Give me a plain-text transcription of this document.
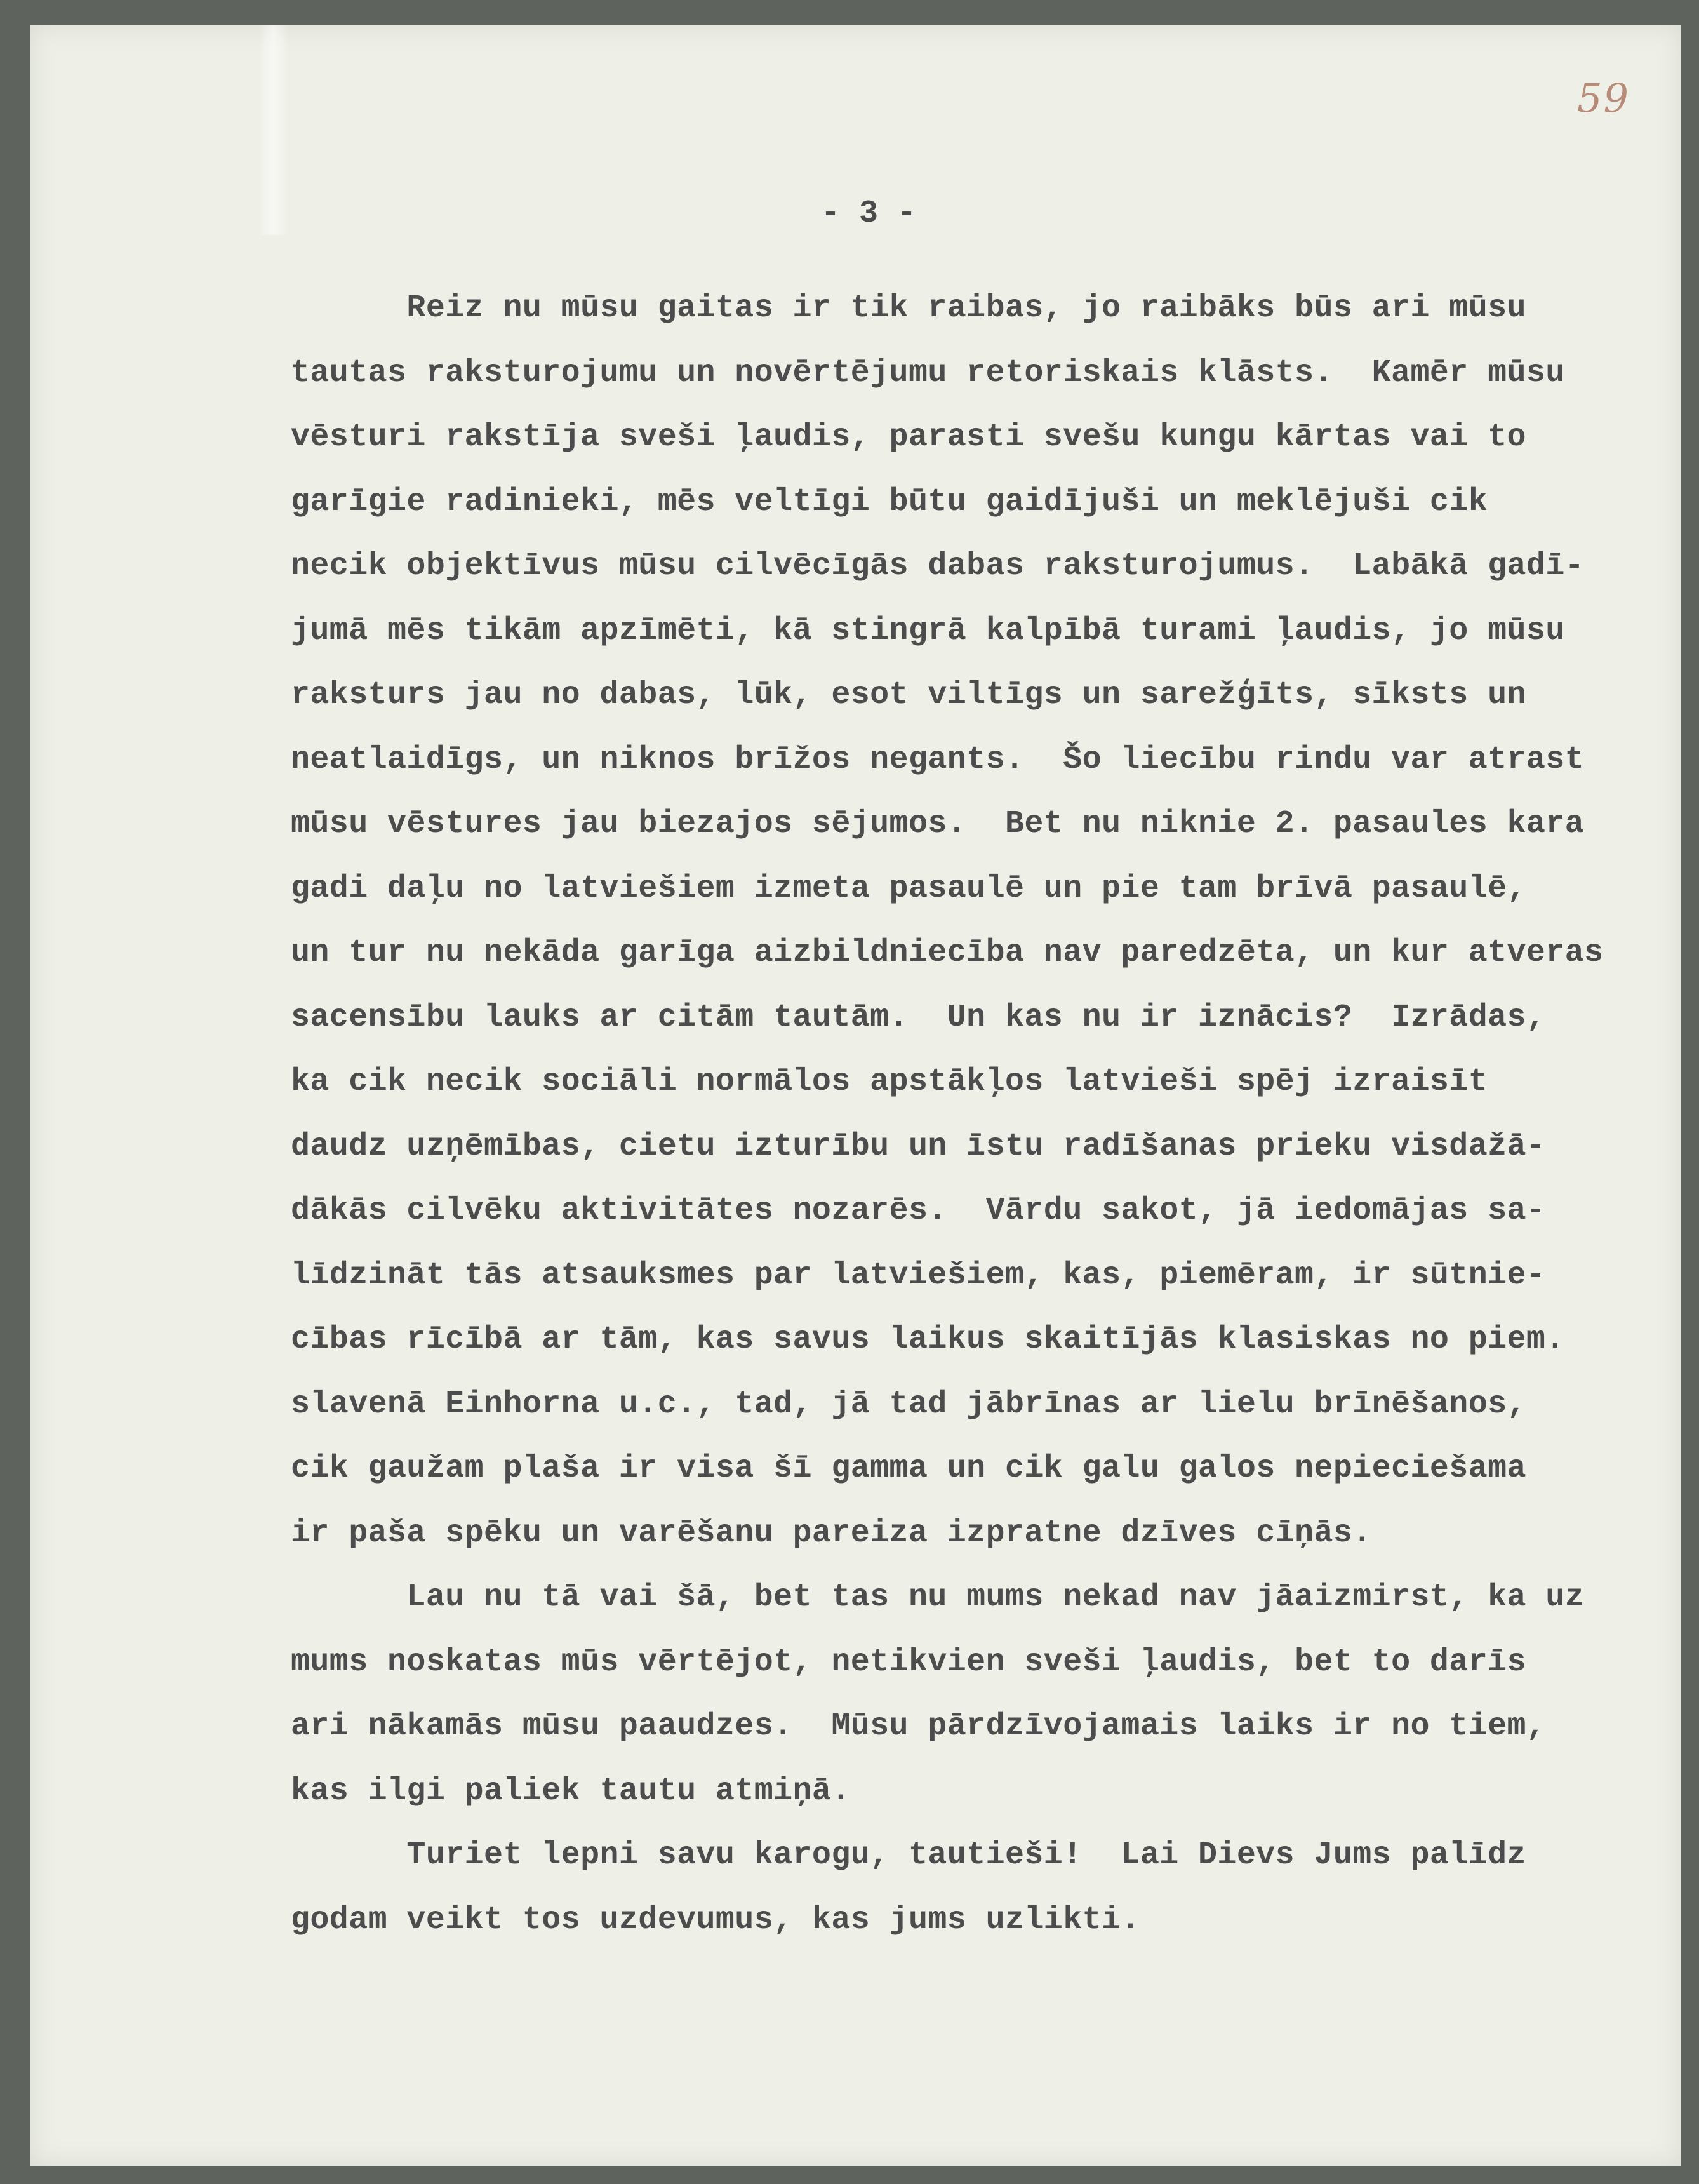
59
- 3 -
Reiz nu mūsu gaitas ir tik raibas, jo raibāks būs ari mūsu
tautas raksturojumu un novērtējumu retoriskais klāsts.  Kamēr mūsu
vēsturi rakstīja sveši ļaudis, parasti svešu kungu kārtas vai to
garīgie radinieki, mēs veltīgi būtu gaidījuši un meklējuši cik
necik objektīvus mūsu cilvēcīgās dabas raksturojumus.  Labākā gadī-
jumā mēs tikām apzīmēti, kā stingrā kalpībā turami ļaudis, jo mūsu
raksturs jau no dabas, lūk, esot viltīgs un sarežģīts, sīksts un
neatlaidīgs, un niknos brīžos negants.  Šo liecību rindu var atrast
mūsu vēstures jau biezajos sējumos.  Bet nu niknie 2. pasaules kara
gadi daļu no latviešiem izmeta pasaulē un pie tam brīvā pasaulē,
un tur nu nekāda garīga aizbildniecība nav paredzēta, un kur atveras
sacensību lauks ar citām tautām.  Un kas nu ir iznācis?  Izrādas,
ka cik necik sociāli normālos apstākļos latvieši spēj izraisīt
daudz uzņēmības, cietu izturību un īstu radīšanas prieku visdažā-
dākās cilvēku aktivitātes nozarēs.  Vārdu sakot, jā iedomājas sa-
līdzināt tās atsauksmes par latviešiem, kas, piemēram, ir sūtnie-
cības rīcībā ar tām, kas savus laikus skaitījās klasiskas no piem.
slavenā Einhorna u.c., tad, jā tad jābrīnas ar lielu brīnēšanos,
cik gaužam plaša ir visa šī gamma un cik galu galos nepieciešama
ir paša spēku un varēšanu pareiza izpratne dzīves cīņās.
Lau nu tā vai šā, bet tas nu mums nekad nav jāaizmirst, ka uz
mums noskatas mūs vērtējot, netikvien sveši ļaudis, bet to darīs
ari nākamās mūsu paaudzes.  Mūsu pārdzīvojamais laiks ir no tiem,
kas ilgi paliek tautu atmiņā.
Turiet lepni savu karogu, tautieši!  Lai Dievs Jums palīdz
godam veikt tos uzdevumus, kas jums uzlikti.
